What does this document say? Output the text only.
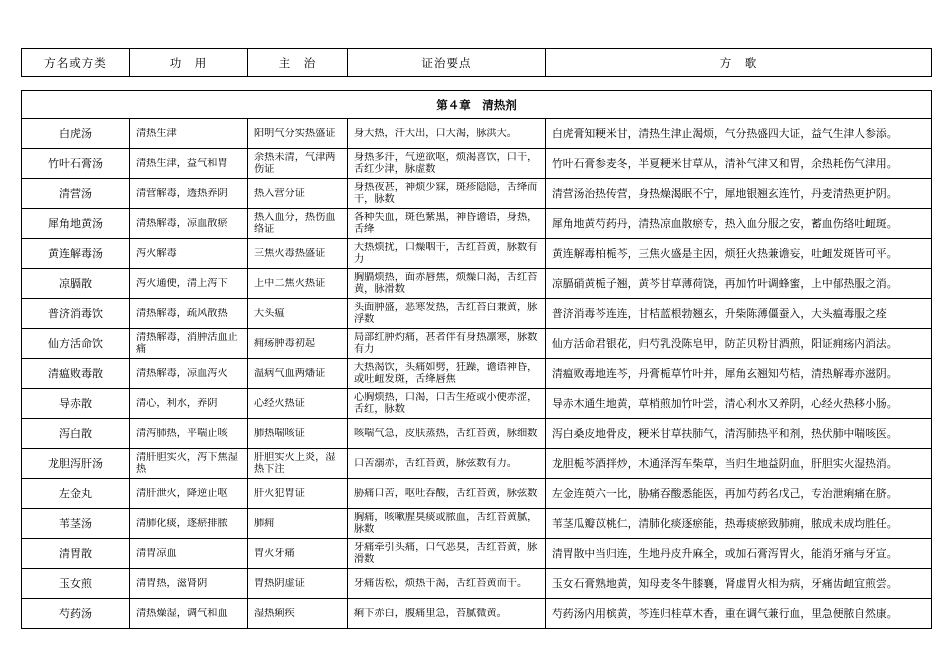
方名或方类	功　用	主　治	证治要点	方　歌
第４章　清热剂				

白虎汤	清热生津	阳明气分实热盛证	身大热，汗大出，口大渴，脉洪大。	白虎膏知粳米甘，清热生津止渴烦，气分热盛四大证，益气生津人参添。

竹叶石膏汤	清热生津，益气和胃	余热未清，气津两伤证	身热多汗，气逆欲呕，烦渴喜饮，口干，舌红少津，脉虚数	竹叶石膏参麦冬，半夏粳米甘草从，清补气津又和胃，余热耗伤气津用。

清营汤	清营解毒，透热养阴	热入营分证	身热夜甚，神烦少寐，斑疹隐隐，舌绛而干，脉数	清营汤治热传营，身热燥渴眠不宁，犀地银翘玄连竹，丹麦清热更护阴。

犀角地黄汤	清热解毒，凉血散瘀	热入血分，热伤血络证	各种失血，斑色紫黑，神昏谵语，身热，舌绛	犀角地黄芍药丹，清热凉血散瘀专，热入血分服之安，蓄血伤络吐衄斑。

黄连解毒汤	泻火解毒	三焦火毒热盛证	大热烦扰，口燥咽干，舌红苔黄，脉数有力	黄连解毒柏栀芩，三焦火盛是主因，烦狂火热兼谵妄，吐衄发斑皆可平。

凉膈散	泻火通便，清上泻下	上中二焦火热证	胸膈烦热，面赤唇焦，烦燥口渴，舌红苔黄，脉滑数	凉膈硝黄栀子翘，黄芩甘草薄荷饶，再加竹叶调蜂蜜，上中郁热服之消。

普济消毒饮	清热解毒，疏风散热	大头瘟	头面肿盛，恶寒发热，舌红苔白兼黄，脉浮数	普济消毒芩连连，甘桔蓝根勃翘玄，升柴陈薄僵蚕入，大头瘟毒服之痊

仙方活命饮	清热解毒，消肿活血止痛	痈疡肿毒初起	局部红肿灼痛，甚者伴有身热凛寒，脉数有力	仙方活命君银花，归芍乳没陈皂甲，防芷贝粉甘酒煎，阳证痈疡内消法。

清瘟败毒散	清热解毒，凉血泻火	温病气血两燔证	大热渴饮，头痛如劈，狂躁，谵语神昏，或吐衄发斑，舌绛唇焦	清瘟败毒地连芩，丹膏栀草竹叶并，犀角玄翘知芍桔，清热解毒亦滋阴。

导赤散	清心，利水，养阴	心经火热证	心胸烦热，口渴，口舌生疮或小便赤涩，舌红，脉数	导赤木通生地黄，草梢煎加竹叶尝，清心利水又养阴，心经火热移小肠。

泻白散	清泻肺热，平喘止咳	肺热喘咳证	咳喘气急，皮肤蒸热，舌红苔黄，脉细数	泻白桑皮地骨皮，粳米甘草扶肺气，清泻肺热平和剂，热伏肺中喘咳医。

龙胆泻肝汤	清肝胆实火，泻下焦湿热	肝胆实火上炎，湿热下注	口苦溺赤，舌红苔黄，脉弦数有力。	龙胆栀芩酒拌炒，木通泽泻车柴草，当归生地益阴血，肝胆实火湿热消。

左金丸	清肝泄火，降逆止呕	肝火犯胃证	胁痛口苦，呕吐吞酸，舌红苔黄，脉弦数	左金连萸六一比，胁痛吞酸悉能医，再加芍药名戊己，专治泄痢痛在脐。

苇茎汤	清肺化痰，逐瘀排脓	肺痈	胸痛，咳嗽腥臭痰或脓血，舌红苔黄腻，脉数	苇茎瓜瓣苡桃仁，清肺化痰逐瘀能，热毒痰瘀致肺痈，脓成未成均胜任。

清胃散	清胃凉血	胃火牙痛	牙痛牵引头痛，口气恶臭，舌红苔黄，脉滑数	清胃散中当归连，生地丹皮升麻全，或加石膏泻胃火，能消牙痛与牙宣。

玉女煎	清胃热，滋肾阴	胃热阴虚证	牙痛齿松，烦热干渴，舌红苔黄而干。	玉女石膏熟地黄，知母麦冬牛膝襄，肾虚胃火相为病，牙痛齿衄宜煎尝。

芍药汤	清热燥湿，调气和血	湿热痢疾	痢下赤白，腹痛里急，苔腻微黄。	芍药汤内用槟黄，芩连归桂草木香，重在调气兼行血，里急便脓自然康。
